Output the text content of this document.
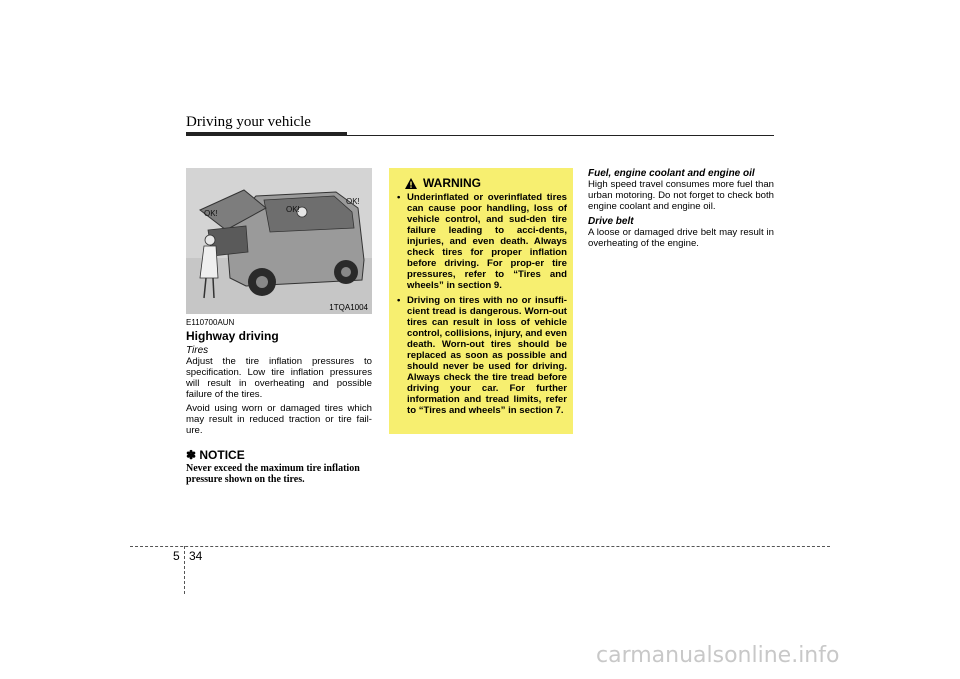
Driving your vehicle
OK!	OK!
OK!
1TQA1004

E110700AUN

Highway driving

Tires

Adjust the tire inflation pressures to specification. Low tire inflation pressures will result in overheating and possible failure of the tires.

Avoid using worn or damaged tires which may result in reduced traction or tire fail-ure.

✽ NOTICE

Never exceed the maximum tire inflation pressure shown on the tires.

WARNING
• Underinflated or overinflated tires can cause poor handling, loss of vehicle control, and sud-den tire failure leading to acci-dents, injuries, and even death. Always check tires for proper inflation before driving. For prop-er tire pressures, refer to “Tires and wheels” in section 9.
• Driving on tires with no or insuffi-cient tread is dangerous. Worn-out tires can result in loss of vehicle control, collisions, injury, and even death. Worn-out tires should be replaced as soon as possible and should never be used for driving. Always check the tire tread before driving your car. For further information and tread limits, refer to “Tires and wheels” in section 7.

Fuel, engine coolant and engine oil

High speed travel consumes more fuel than urban motoring. Do not forget to check both engine coolant and engine oil.

Drive belt

A loose or damaged drive belt may result in overheating of the engine.

5 34
carmanualsonline.info
